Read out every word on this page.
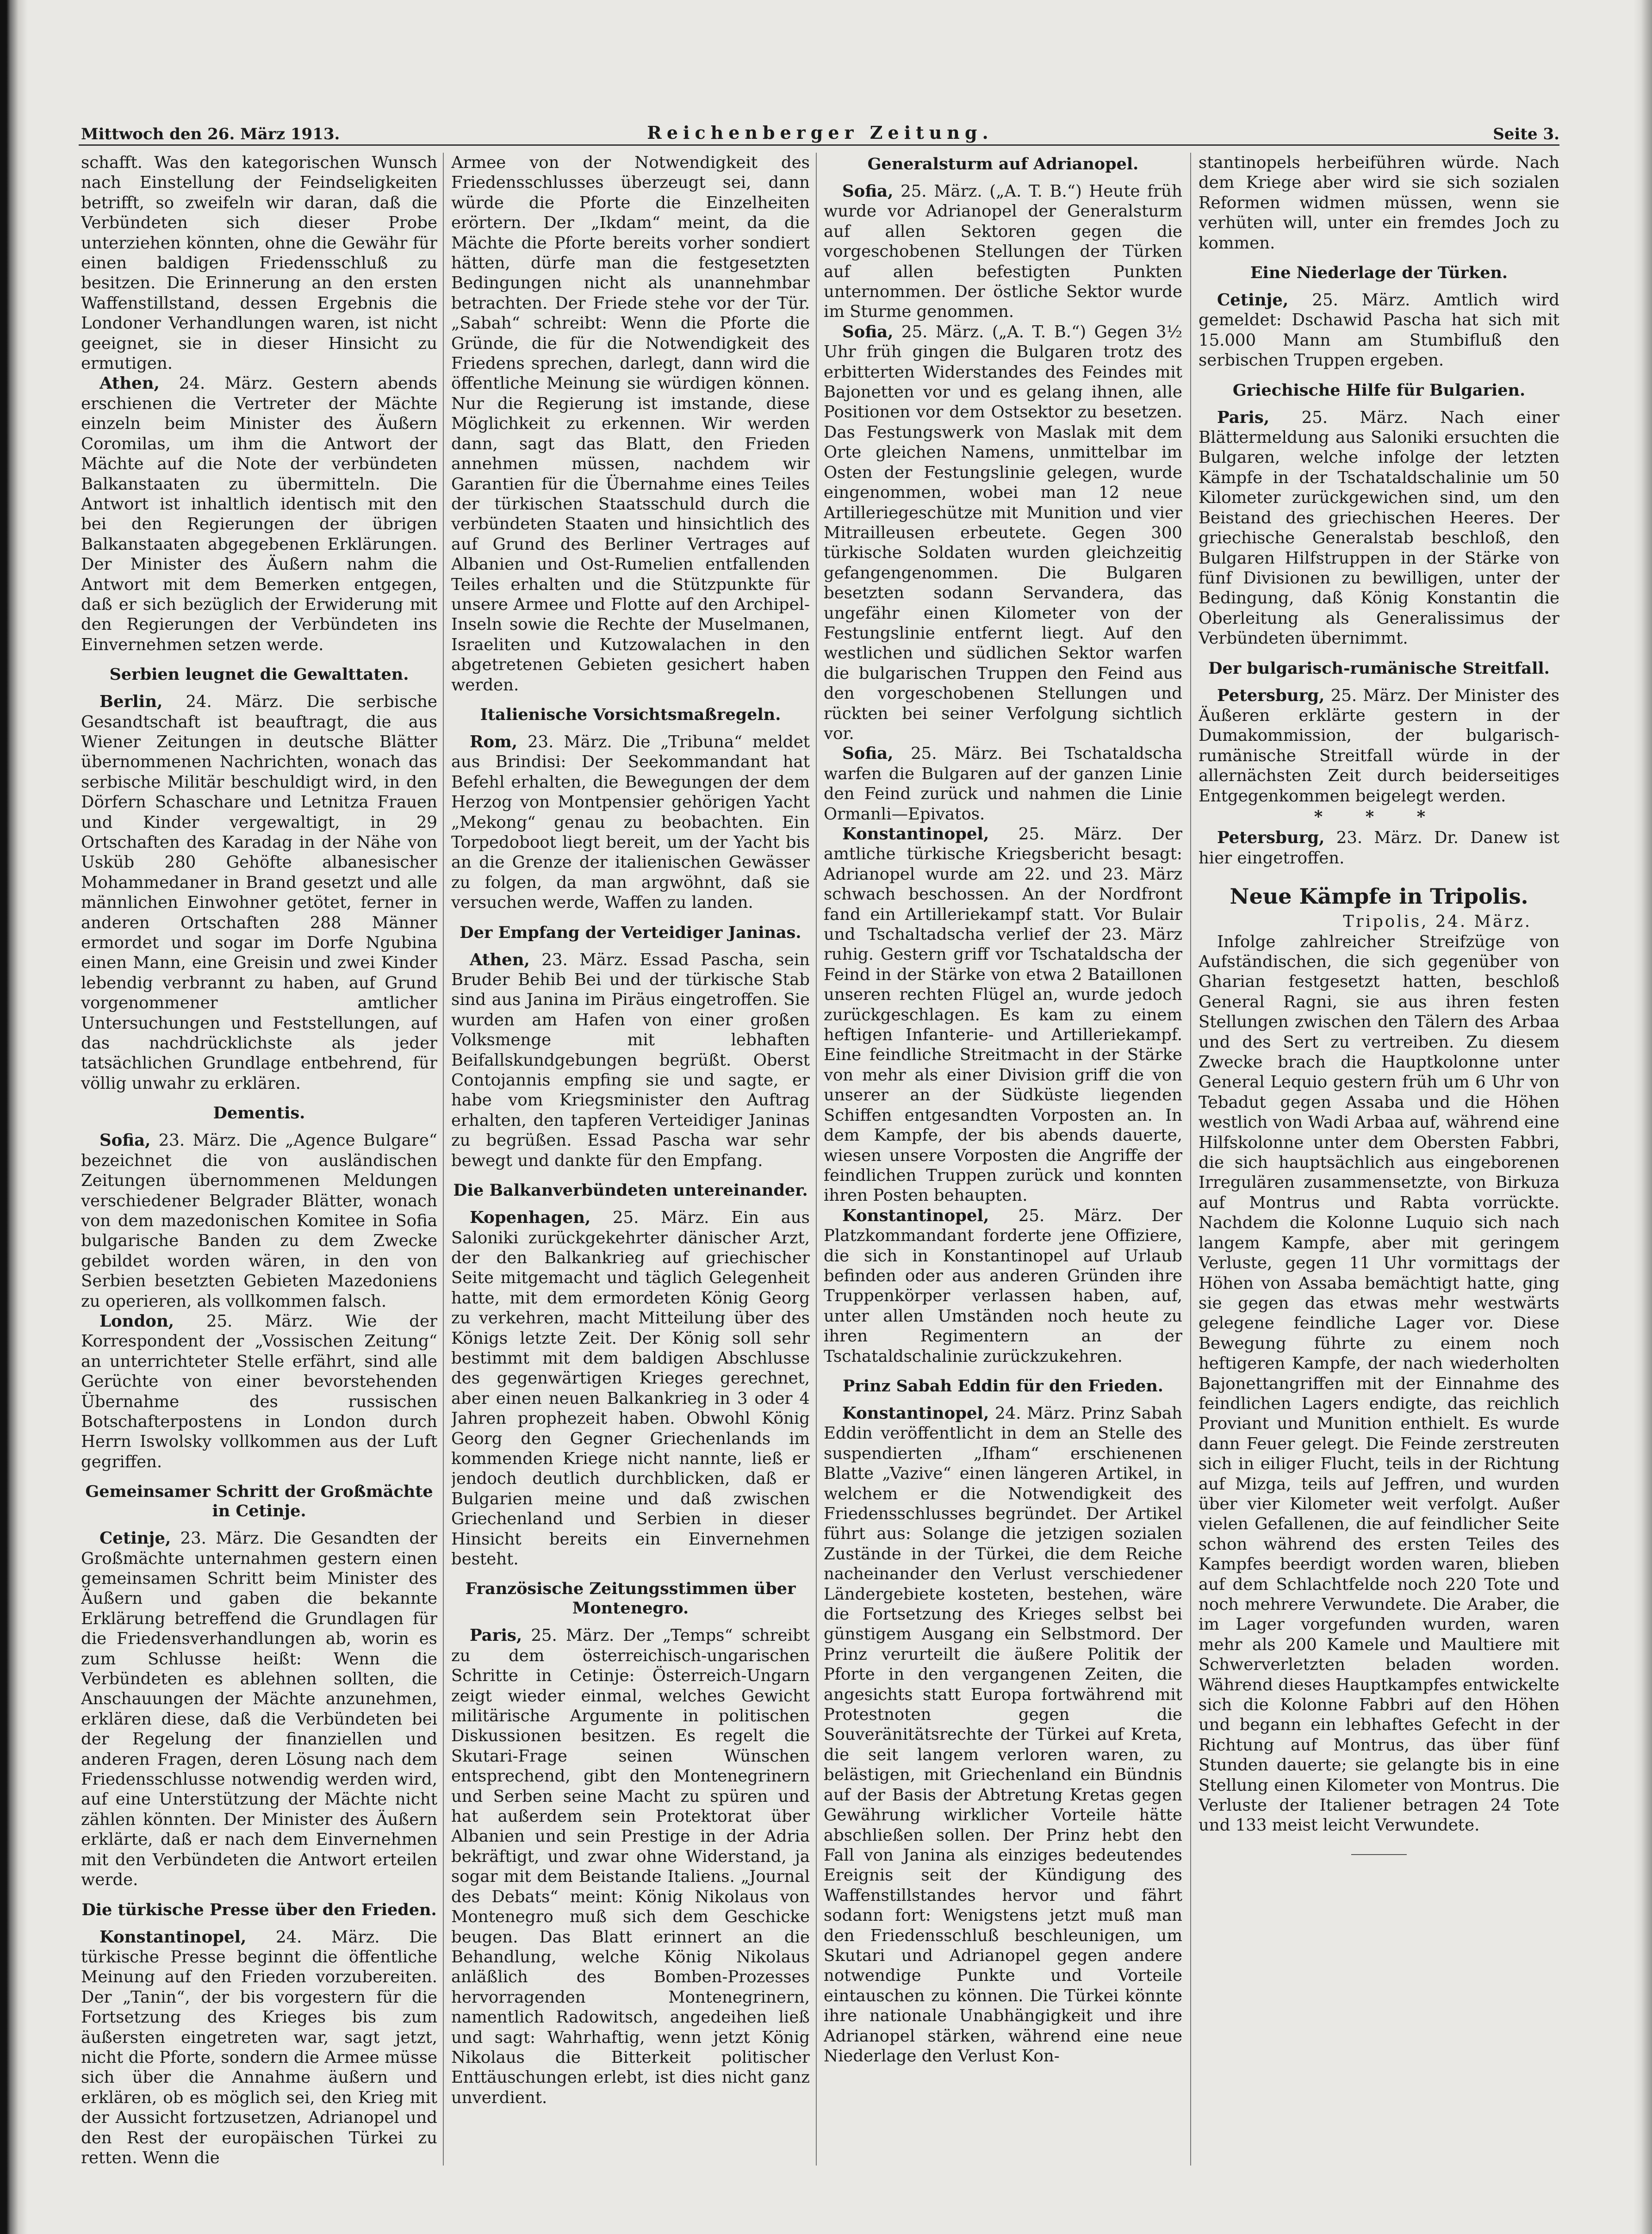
Mittwoch den 26. März 1913.	Reichenberger Zeitung.	Seite 3.

schafft. Was den kategorischen Wunsch nach Einstellung der Feindseligkeiten betrifft, so zweifeln wir daran, daß die Verbündeten sich dieser Probe unterziehen könnten, ohne die Gewähr für einen baldigen Friedensschluß zu besitzen. Die Erinnerung an den ersten Waffenstillstand, dessen Ergebnis die Londoner Verhandlungen waren, ist nicht geeignet, sie in dieser Hinsicht zu ermutigen.

Athen, 24. März. Gestern abends erschienen die Vertreter der Mächte einzeln beim Minister des Äußern Coromilas, um ihm die Antwort der Mächte auf die Note der verbündeten Balkanstaaten zu übermitteln. Die Antwort ist inhaltlich identisch mit den bei den Regierungen der übrigen Balkanstaaten abgegebenen Erklärungen. Der Minister des Äußern nahm die Antwort mit dem Bemerken entgegen, daß er sich bezüglich der Erwiderung mit den Regierungen der Verbündeten ins Einvernehmen setzen werde.

Serbien leugnet die Gewalttaten.

Berlin, 24. März. Die serbische Gesandtschaft ist beauftragt, die aus Wiener Zeitungen in deutsche Blätter übernommenen Nachrichten, wonach das serbische Militär beschuldigt wird, in den Dörfern Schaschare und Letnitza Frauen und Kinder vergewaltigt, in 29 Ortschaften des Karadag in der Nähe von Usküb 280 Gehöfte albanesischer Mohammedaner in Brand gesetzt und alle männlichen Einwohner getötet, ferner in anderen Ortschaften 288 Männer ermordet und sogar im Dorfe Ngubina einen Mann, eine Greisin und zwei Kinder lebendig verbrannt zu haben, auf Grund vorgenommener amtlicher Untersuchungen und Feststellungen, auf das nachdrücklichste als jeder tatsächlichen Grundlage entbehrend, für völlig unwahr zu erklären.

Dementis.

Sofia, 23. März. Die „Agence Bulgare“ bezeichnet die von ausländischen Zeitungen übernommenen Meldungen verschiedener Belgrader Blätter, wonach von dem mazedonischen Komitee in Sofia bulgarische Banden zu dem Zwecke gebildet worden wären, in den von Serbien besetzten Gebieten Mazedoniens zu operieren, als vollkommen falsch.

London, 25. März. Wie der Korrespondent der „Vossischen Zeitung“ an unterrichteter Stelle erfährt, sind alle Gerüchte von einer bevorstehenden Übernahme des russischen Botschafterpostens in London durch Herrn Iswolsky vollkommen aus der Luft gegriffen.

Gemeinsamer Schritt der Großmächte in Cetinje.

Cetinje, 23. März. Die Gesandten der Großmächte unternahmen gestern einen gemeinsamen Schritt beim Minister des Äußern und gaben die bekannte Erklärung betreffend die Grundlagen für die Friedensverhandlungen ab, worin es zum Schlusse heißt: Wenn die Verbündeten es ablehnen sollten, die Anschauungen der Mächte anzunehmen, erklären diese, daß die Verbündeten bei der Regelung der finanziellen und anderen Fragen, deren Lösung nach dem Friedensschlusse notwendig werden wird, auf eine Unterstützung der Mächte nicht zählen könnten. Der Minister des Äußern erklärte, daß er nach dem Einvernehmen mit den Verbündeten die Antwort erteilen werde.

Die türkische Presse über den Frieden.

Konstantinopel, 24. März. Die türkische Presse beginnt die öffentliche Meinung auf den Frieden vorzubereiten. Der „Tanin“, der bis vorgestern für die Fortsetzung des Krieges bis zum äußersten eingetreten war, sagt jetzt, nicht die Pforte, sondern die Armee müsse sich über die Annahme äußern und erklären, ob es möglich sei, den Krieg mit der Aussicht fortzusetzen, Adrianopel und den Rest der europäischen Türkei zu retten. Wenn die

Armee von der Notwendigkeit des Friedensschlusses überzeugt sei, dann würde die Pforte die Einzelheiten erörtern. Der „Ikdam“ meint, da die Mächte die Pforte bereits vorher sondiert hätten, dürfe man die festgesetzten Bedingungen nicht als unannehmbar betrachten. Der Friede stehe vor der Tür. „Sabah“ schreibt: Wenn die Pforte die Gründe, die für die Notwendigkeit des Friedens sprechen, darlegt, dann wird die öffentliche Meinung sie würdigen können. Nur die Regierung ist imstande, diese Möglichkeit zu erkennen. Wir werden dann, sagt das Blatt, den Frieden annehmen müssen, nachdem wir Garantien für die Übernahme eines Teiles der türkischen Staatsschuld durch die verbündeten Staaten und hinsichtlich des auf Grund des Berliner Vertrages auf Albanien und Ost-Rumelien entfallenden Teiles erhalten und die Stützpunkte für unsere Armee und Flotte auf den Archipel-Inseln sowie die Rechte der Muselmanen, Israeliten und Kutzowalachen in den abgetretenen Gebieten gesichert haben werden.

Italienische Vorsichtsmaßregeln.

Rom, 23. März. Die „Tribuna“ meldet aus Brindisi: Der Seekommandant hat Befehl erhalten, die Bewegungen der dem Herzog von Montpensier gehörigen Yacht „Mekong“ genau zu beobachten. Ein Torpedoboot liegt bereit, um der Yacht bis an die Grenze der italienischen Gewässer zu folgen, da man argwöhnt, daß sie versuchen werde, Waffen zu landen.

Der Empfang der Verteidiger Janinas.

Athen, 23. März. Essad Pascha, sein Bruder Behib Bei und der türkische Stab sind aus Janina im Piräus eingetroffen. Sie wurden am Hafen von einer großen Volksmenge mit lebhaften Beifallskundgebungen begrüßt. Oberst Contojannis empfing sie und sagte, er habe vom Kriegsminister den Auftrag erhalten, den tapferen Verteidiger Janinas zu begrüßen. Essad Pascha war sehr bewegt und dankte für den Empfang.

Die Balkanverbündeten untereinander.

Kopenhagen, 25. März. Ein aus Saloniki zurückgekehrter dänischer Arzt, der den Balkankrieg auf griechischer Seite mitgemacht und täglich Gelegenheit hatte, mit dem ermordeten König Georg zu verkehren, macht Mitteilung über des Königs letzte Zeit. Der König soll sehr bestimmt mit dem baldigen Abschlusse des gegenwärtigen Krieges gerechnet, aber einen neuen Balkankrieg in 3 oder 4 Jahren prophezeit haben. Obwohl König Georg den Gegner Griechenlands im kommenden Kriege nicht nannte, ließ er jendoch deutlich durchblicken, daß er Bulgarien meine und daß zwischen Griechenland und Serbien in dieser Hinsicht bereits ein Einvernehmen besteht.

Französische Zeitungsstimmen über Montenegro.

Paris, 25. März. Der „Temps“ schreibt zu dem österreichisch-ungarischen Schritte in Cetinje: Österreich-Ungarn zeigt wieder einmal, welches Gewicht militärische Argumente in politischen Diskussionen besitzen. Es regelt die Skutari-Frage seinen Wünschen entsprechend, gibt den Montenegrinern und Serben seine Macht zu spüren und hat außerdem sein Protektorat über Albanien und sein Prestige in der Adria bekräftigt, und zwar ohne Widerstand, ja sogar mit dem Beistande Italiens. „Journal des Debats“ meint: König Nikolaus von Montenegro muß sich dem Geschicke beugen. Das Blatt erinnert an die Behandlung, welche König Nikolaus anläßlich des Bomben-Prozesses hervorragenden Montenegrinern, namentlich Radowitsch, angedeihen ließ und sagt: Wahrhaftig, wenn jetzt König Nikolaus die Bitterkeit politischer Enttäuschungen erlebt, ist dies nicht ganz unverdient.

Generalsturm auf Adrianopel.

Sofia, 25. März. („A. T. B.“) Heute früh wurde vor Adrianopel der Generalsturm auf allen Sektoren gegen die vorgeschobenen Stellungen der Türken auf allen befestigten Punkten unternommen. Der östliche Sektor wurde im Sturme genommen.

Sofia, 25. März. („A. T. B.“) Gegen 3½ Uhr früh gingen die Bulgaren trotz des erbitterten Widerstandes des Feindes mit Bajonetten vor und es gelang ihnen, alle Positionen vor dem Ostsektor zu besetzen. Das Festungswerk von Maslak mit dem Orte gleichen Namens, unmittelbar im Osten der Festungslinie gelegen, wurde eingenommen, wobei man 12 neue Artilleriegeschütze mit Munition und vier Mitrailleusen erbeutete. Gegen 300 türkische Soldaten wurden gleichzeitig gefangengenommen. Die Bulgaren besetzten sodann Servandera, das ungefähr einen Kilometer von der Festungslinie entfernt liegt. Auf den westlichen und südlichen Sektor warfen die bulgarischen Truppen den Feind aus den vorgeschobenen Stellungen und rückten bei seiner Verfolgung sichtlich vor.

Sofia, 25. März. Bei Tschataldscha warfen die Bulgaren auf der ganzen Linie den Feind zurück und nahmen die Linie Ormanli—Epivatos.

Konstantinopel, 25. März. Der amtliche türkische Kriegsbericht besagt: Adrianopel wurde am 22. und 23. März schwach beschossen. An der Nordfront fand ein Artilleriekampf statt. Vor Bulair und Tschaltadscha verlief der 23. März ruhig. Gestern griff vor Tschataldscha der Feind in der Stärke von etwa 2 Bataillonen unseren rechten Flügel an, wurde jedoch zurückgeschlagen. Es kam zu einem heftigen Infanterie- und Artilleriekampf. Eine feindliche Streitmacht in der Stärke von mehr als einer Division griff die von unserer an der Südküste liegenden Schiffen entgesandten Vorposten an. In dem Kampfe, der bis abends dauerte, wiesen unsere Vorposten die Angriffe der feindlichen Truppen zurück und konnten ihren Posten behaupten.

Konstantinopel, 25. März. Der Platzkommandant forderte jene Offiziere, die sich in Konstantinopel auf Urlaub befinden oder aus anderen Gründen ihre Truppenkörper verlassen haben, auf, unter allen Umständen noch heute zu ihren Regimentern an der Tschataldschalinie zurückzukehren.

Prinz Sabah Eddin für den Frieden.

Konstantinopel, 24. März. Prinz Sabah Eddin veröffentlicht in dem an Stelle des suspendierten „Ifham“ erschienenen Blatte „Vazive“ einen längeren Artikel, in welchem er die Notwendigkeit des Friedensschlusses begründet. Der Artikel führt aus: Solange die jetzigen sozialen Zustände in der Türkei, die dem Reiche nacheinander den Verlust verschiedener Ländergebiete kosteten, bestehen, wäre die Fortsetzung des Krieges selbst bei günstigem Ausgang ein Selbstmord. Der Prinz verurteilt die äußere Politik der Pforte in den vergangenen Zeiten, die angesichts statt Europa fortwährend mit Protestnoten gegen die Souveränitätsrechte der Türkei auf Kreta, die seit langem verloren waren, zu belästigen, mit Griechenland ein Bündnis auf der Basis der Abtretung Kretas gegen Gewährung wirklicher Vorteile hätte abschließen sollen. Der Prinz hebt den Fall von Janina als einziges bedeutendes Ereignis seit der Kündigung des Waffenstillstandes hervor und fährt sodann fort: Wenigstens jetzt muß man den Friedensschluß beschleunigen, um Skutari und Adrianopel gegen andere notwendige Punkte und Vorteile eintauschen zu können. Die Türkei könnte ihre nationale Unabhängigkeit und ihre Adrianopel stärken, während eine neue Niederlage den Verlust Kon-

stantinopels herbeiführen würde. Nach dem Kriege aber wird sie sich sozialen Reformen widmen müssen, wenn sie verhüten will, unter ein fremdes Joch zu kommen.

Eine Niederlage der Türken.

Cetinje, 25. März. Amtlich wird gemeldet: Dschawid Pascha hat sich mit 15.000 Mann am Stumbifluß den serbischen Truppen ergeben.

Griechische Hilfe für Bulgarien.

Paris, 25. März. Nach einer Blättermeldung aus Saloniki ersuchten die Bulgaren, welche infolge der letzten Kämpfe in der Tschataldschalinie um 50 Kilometer zurückgewichen sind, um den Beistand des griechischen Heeres. Der griechische Generalstab beschloß, den Bulgaren Hilfstruppen in der Stärke von fünf Divisionen zu bewilligen, unter der Bedingung, daß König Konstantin die Oberleitung als Generalissimus der Verbündeten übernimmt.

Der bulgarisch-rumänische Streitfall.

Petersburg, 25. März. Der Minister des Äußeren erklärte gestern in der Dumakommission, der bulgarisch-rumänische Streitfall würde in der allernächsten Zeit durch beiderseitiges Entgegenkommen beigelegt werden.

* * *

Petersburg, 23. März. Dr. Danew ist hier eingetroffen.

Neue Kämpfe in Tripolis.
Tripolis, 24. März.

Infolge zahlreicher Streifzüge von Aufständischen, die sich gegenüber von Gharian festgesetzt hatten, beschloß General Ragni, sie aus ihren festen Stellungen zwischen den Tälern des Arbaa und des Sert zu vertreiben. Zu diesem Zwecke brach die Hauptkolonne unter General Lequio gestern früh um 6 Uhr von Tebadut gegen Assaba und die Höhen westlich von Wadi Arbaa auf, während eine Hilfskolonne unter dem Obersten Fabbri, die sich hauptsächlich aus eingeborenen Irregulären zusammensetzte, von Birkuza auf Montrus und Rabta vorrückte. Nachdem die Kolonne Luquio sich nach langem Kampfe, aber mit geringem Verluste, gegen 11 Uhr vormittags der Höhen von Assaba bemächtigt hatte, ging sie gegen das etwas mehr westwärts gelegene feindliche Lager vor. Diese Bewegung führte zu einem noch heftigeren Kampfe, der nach wiederholten Bajonettangriffen mit der Einnahme des feindlichen Lagers endigte, das reichlich Proviant und Munition enthielt. Es wurde dann Feuer gelegt. Die Feinde zerstreuten sich in eiliger Flucht, teils in der Richtung auf Mizga, teils auf Jeffren, und wurden über vier Kilometer weit verfolgt. Außer vielen Gefallenen, die auf feindlicher Seite schon während des ersten Teiles des Kampfes beerdigt worden waren, blieben auf dem Schlachtfelde noch 220 Tote und noch mehrere Verwundete. Die Araber, die im Lager vorgefunden wurden, waren mehr als 200 Kamele und Maultiere mit Schwerverletzten beladen worden. Während dieses Hauptkampfes entwickelte sich die Kolonne Fabbri auf den Höhen und begann ein lebhaftes Gefecht in der Richtung auf Montrus, das über fünf Stunden dauerte; sie gelangte bis in eine Stellung einen Kilometer von Montrus. Die Verluste der Italiener betragen 24 Tote und 133 meist leicht Verwundete.
